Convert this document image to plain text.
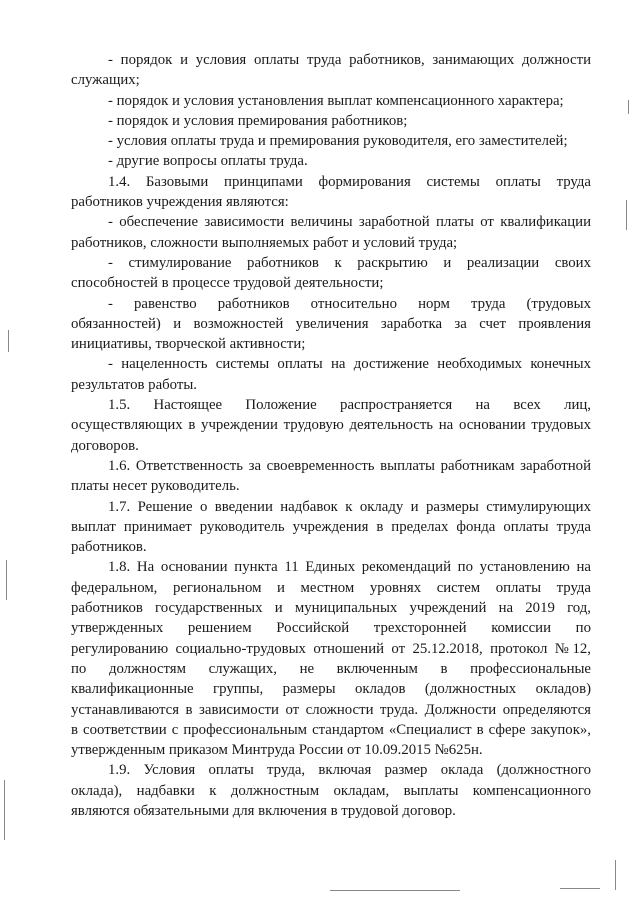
- порядок и условия оплаты труда работников, занимающих должности
служащих;
- порядок и условия установления выплат компенсационного характера;
- порядок и условия премирования работников;
- условия оплаты труда и премирования руководителя, его заместителей;
- другие вопросы оплаты труда.
1.4. Базовыми принципами формирования системы оплаты труда
работников учреждения являются:
- обеспечение зависимости величины заработной платы от квалификации
работников, сложности выполняемых работ и условий труда;
- стимулирование работников к раскрытию и реализации своих
способностей в процессе трудовой деятельности;
- равенство работников относительно норм труда (трудовых
обязанностей) и возможностей увеличения заработка за счет проявления
инициативы, творческой активности;
- нацеленность системы оплаты на достижение необходимых конечных
результатов работы.
1.5. Настоящее Положение распространяется на всех лиц,
осуществляющих в учреждении трудовую деятельность на основании трудовых
договоров.
1.6. Ответственность за своевременность выплаты работникам заработной
платы несет руководитель.
1.7. Решение о введении надбавок к окладу и размеры стимулирующих
выплат принимает руководитель учреждения в пределах фонда оплаты труда
работников.
1.8. На основании пункта 11 Единых рекомендаций по установлению на
федеральном, региональном и местном уровнях систем оплаты труда
работников государственных и муниципальных учреждений на 2019 год,
утвержденных решением Российской трехсторонней комиссии по
регулированию социально-трудовых отношений от 25.12.2018, протокол №12,
по должностям служащих, не включенным в профессиональные
квалификационные группы, размеры окладов (должностных окладов)
устанавливаются в зависимости от сложности труда. Должности определяются
в соответствии с профессиональным стандартом «Специалист в сфере закупок»,
утвержденным приказом Минтруда России от 10.09.2015 №625н.
1.9. Условия оплаты труда, включая размер оклада (должностного
оклада), надбавки к должностным окладам, выплаты компенсационного
являются обязательными для включения в трудовой договор.
